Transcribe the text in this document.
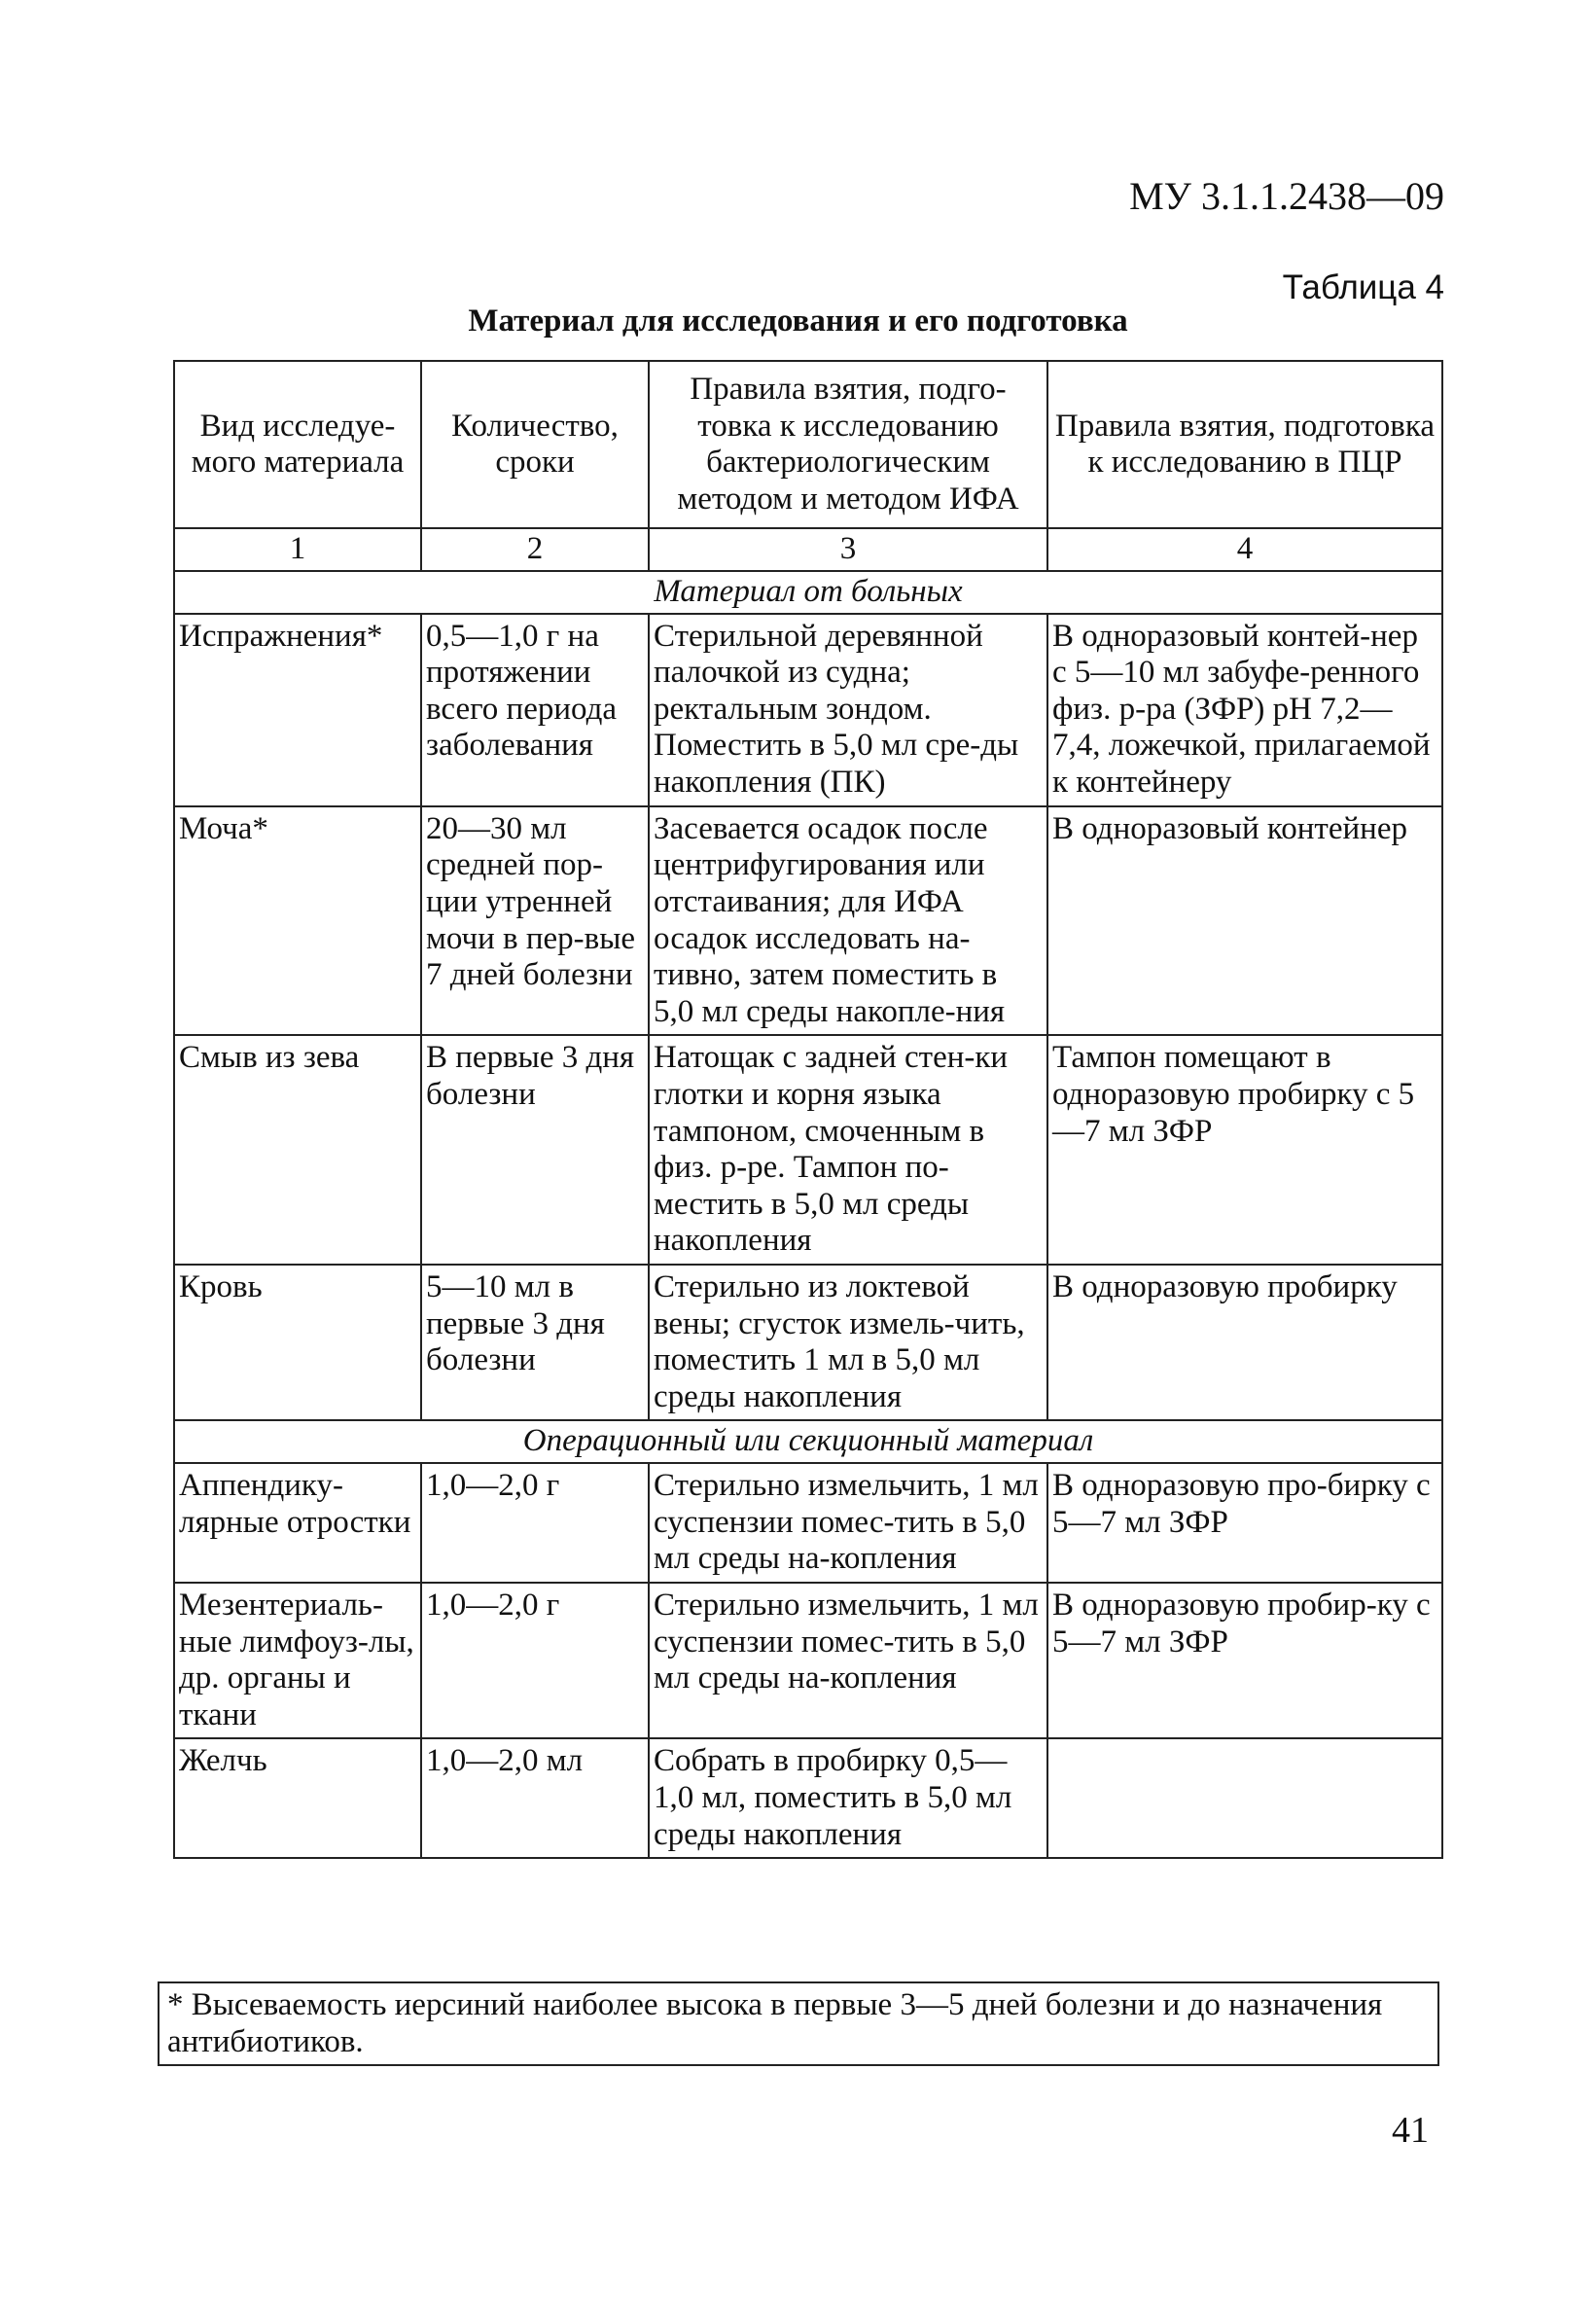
МУ 3.1.1.2438—09
Таблица 4
Материал для исследования и его подготовка
Вид исследуе-мого материала	Количество, сроки	Правила взятия, подго-товка к исследованию бактериологическим методом и методом ИФА	Правила взятия, подготовка к исследованию в ПЦР
1	2	3	4
Материал от больных			
Испражнения*	0,5—1,0 г на протяжении всего периода заболевания	Стерильной деревянной палочкой из судна; ректальным зондом. Поместить в 5,0 мл сре-ды накопления (ПК)	В одноразовый контей-нер с 5—10 мл забуфе-ренного физ. р-ра (ЗФР) pH 7,2—7,4, ложечкой, прилагаемой к контейнеру
Моча*	20—30 мл средней пор-ции утренней мочи в пер-вые 7 дней болезни	Засевается осадок после центрифугирования или отстаивания; для ИФА осадок исследовать на-тивно, затем поместить в 5,0 мл среды накопле-ния	В одноразовый контейнер
Смыв из зева	В первые 3 дня болезни	Натощак с задней стен-ки глотки и корня языка тампоном, смоченным в физ. р-ре. Тампон по-местить в 5,0 мл среды накопления	Тампон помещают в одноразовую пробирку с 5—7 мл ЗФР
Кровь	5—10 мл в первые 3 дня болезни	Стерильно из локтевой вены; сгусток измель-чить, поместить 1 мл в 5,0 мл среды накопления	В одноразовую пробирку
Операционный или секционный материал			
Аппендику-лярные отростки	1,0—2,0 г	Стерильно измельчить, 1 мл суспензии помес-тить в 5,0 мл среды на-копления	В одноразовую про-бирку с 5—7 мл ЗФР
Мезентериаль-ные лимфоуз-лы, др. органы и ткани	1,0—2,0 г	Стерильно измельчить, 1 мл суспензии помес-тить в 5,0 мл среды на-копления	В одноразовую пробир-ку с 5—7 мл ЗФР
Желчь	1,0—2,0 мл	Собрать в пробирку 0,5—1,0 мл, поместить в 5,0 мл среды накопления	
* Высеваемость иерсиний наиболее высока в первые 3—5 дней болезни и до назначения антибиотиков.
41
